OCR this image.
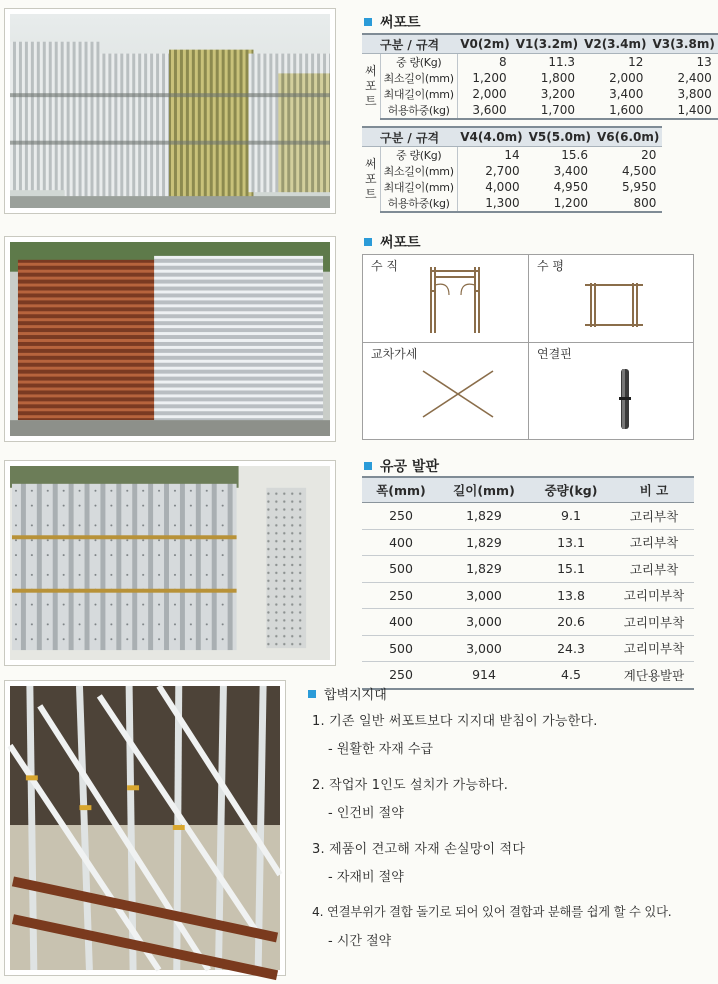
써포트
구분 / 규격		V0(2m)	V1(3.2m)	V2(3.4m)	V3(3.8m)
써
포
트	중 량(Kg)	8	11.3	12	13
	최소길이(mm)	1,200	1,800	2,000	2,400
	최대길이(mm)	2,000	3,200	3,400	3,800
	허용하중(kg)	3,600	1,700	1,600	1,400
구분 / 규격		V4(4.0m)	V5(5.0m)	V6(6.0m)
써
포
트	중 량(Kg)	14	15.6	20
	최소길이(mm)	2,700	3,400	4,500
	최대길이(mm)	4,000	4,950	5,950
	허용하중(kg)	1,300	1,200	800
써포트
수 직	수 평
교차가세	연결핀
유공 발판
폭(mm)	길이(mm)	중량(kg)	비 고
250	1,829	9.1	고리부착
400	1,829	13.1	고리부착
500	1,829	15.1	고리부착
250	3,000	13.8	고리미부착
400	3,000	20.6	고리미부착
500	3,000	24.3	고리미부착
250	914	4.5	계단용발판
합벽지지대
1. 기존 일반 써포트보다 지지대 받침이 가능한다.
- 원활한 자재 수급
2. 작업자 1인도 설치가 가능하다.
- 인건비 절약
3. 제품이 견고해 자재 손실망이 적다
- 자재비 절약
4. 연결부위가 결합 돌기로 되어 있어 결합과 분해를 쉽게 할 수 있다.
- 시간 절약
